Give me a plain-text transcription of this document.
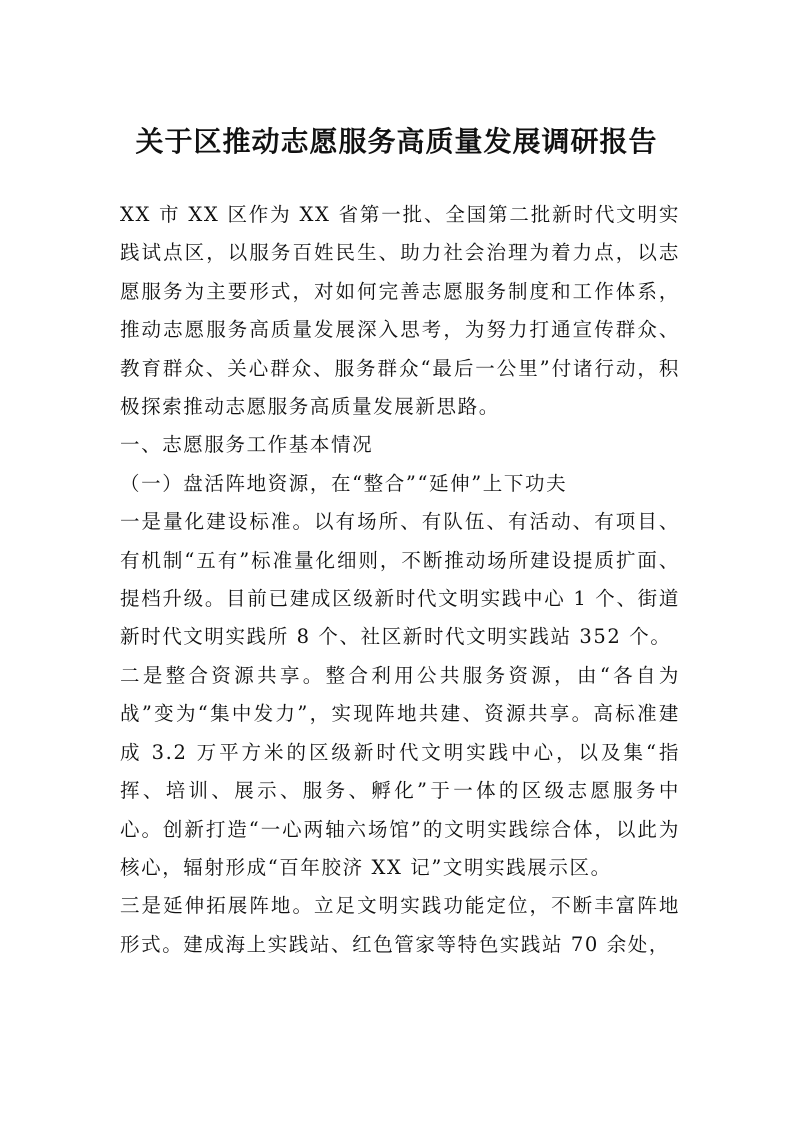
关于区推动志愿服务高质量发展调研报告

XX 市 XX 区作为 XX 省第一批、全国第二批新时代文明实践试点区，以服务百姓民生、助力社会治理为着力点，以志愿服务为主要形式，对如何完善志愿服务制度和工作体系，推动志愿服务高质量发展深入思考，为努力打通宣传群众、教育群众、关心群众、服务群众“最后一公里”付诸行动，积极探索推动志愿服务高质量发展新思路。

一、志愿服务工作基本情况

（一）盘活阵地资源，在“整合”“延伸”上下功夫

一是量化建设标准。以有场所、有队伍、有活动、有项目、有机制“五有”标准量化细则，不断推动场所建设提质扩面、提档升级。目前已建成区级新时代文明实践中心 1 个、街道新时代文明实践所 8 个、社区新时代文明实践站 352 个。

二是整合资源共享。整合利用公共服务资源，由“各自为战”变为“集中发力”，实现阵地共建、资源共享。高标准建成 3.2 万平方米的区级新时代文明实践中心，以及集“指挥、培训、展示、服务、孵化”于一体的区级志愿服务中心。创新打造“一心两轴六场馆”的文明实践综合体，以此为核心，辐射形成“百年胶济 XX 记”文明实践展示区。

三是延伸拓展阵地。立足文明实践功能定位，不断丰富阵地形式。建成海上实践站、红色管家等特色实践站 70 余处，
